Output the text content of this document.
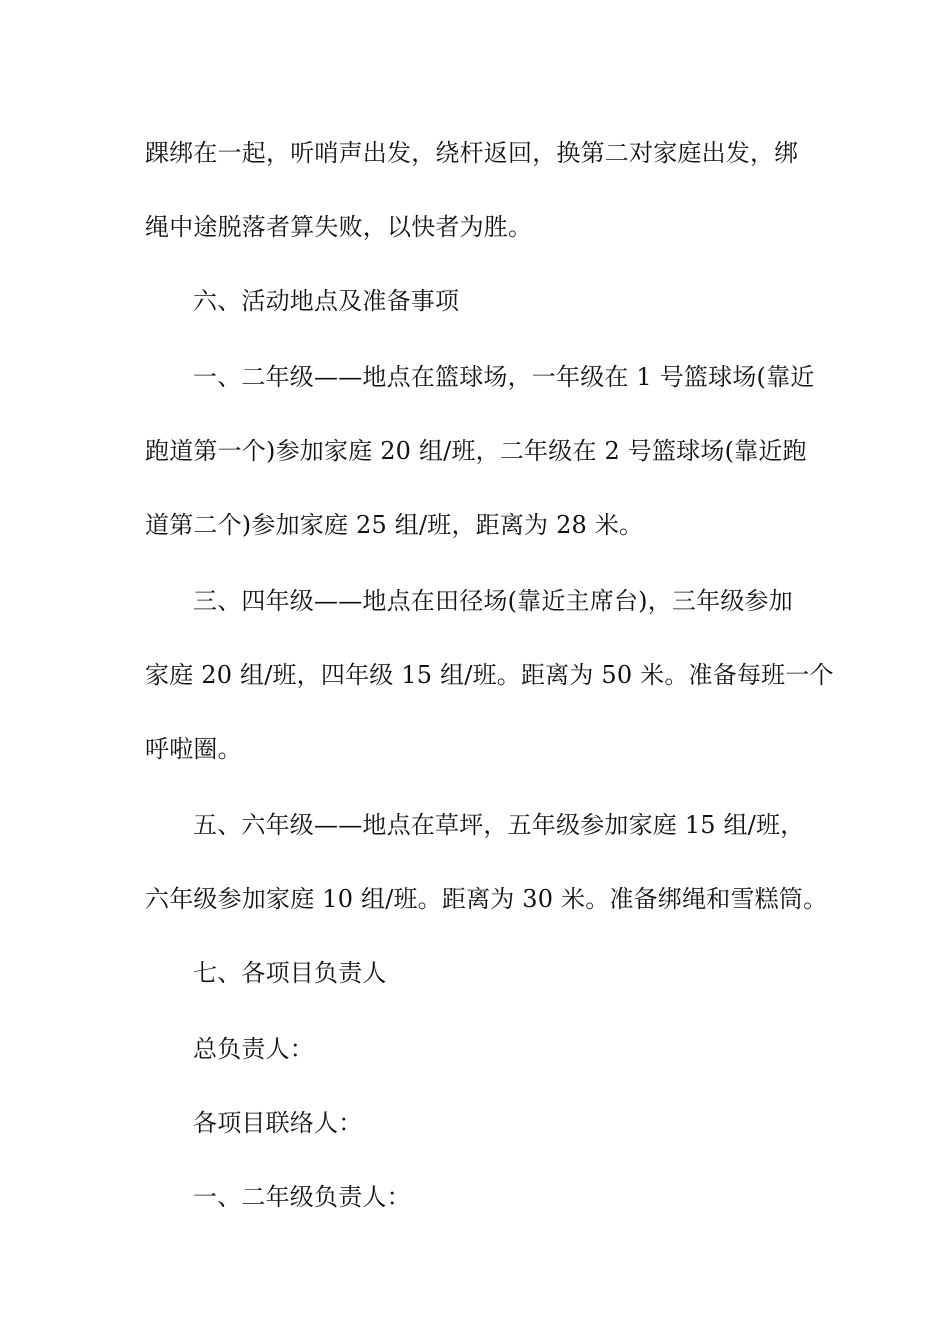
踝绑在一起，听哨声出发，绕杆返回，换第二对家庭出发，绑
绳中途脱落者算失败，以快者为胜。
六、活动地点及准备事项
一、二年级——地点在篮球场，一年级在 1 号篮球场(靠近
跑道第一个)参加家庭 20 组/班，二年级在 2 号篮球场(靠近跑
道第二个)参加家庭 25 组/班，距离为 28 米。
三、四年级——地点在田径场(靠近主席台)，三年级参加
家庭 20 组/班，四年级 15 组/班。距离为 50 米。准备每班一个
呼啦圈。
五、六年级——地点在草坪，五年级参加家庭 15 组/班，
六年级参加家庭 10 组/班。距离为 30 米。准备绑绳和雪糕筒。
七、各项目负责人
总负责人：
各项目联络人：
一、二年级负责人：
